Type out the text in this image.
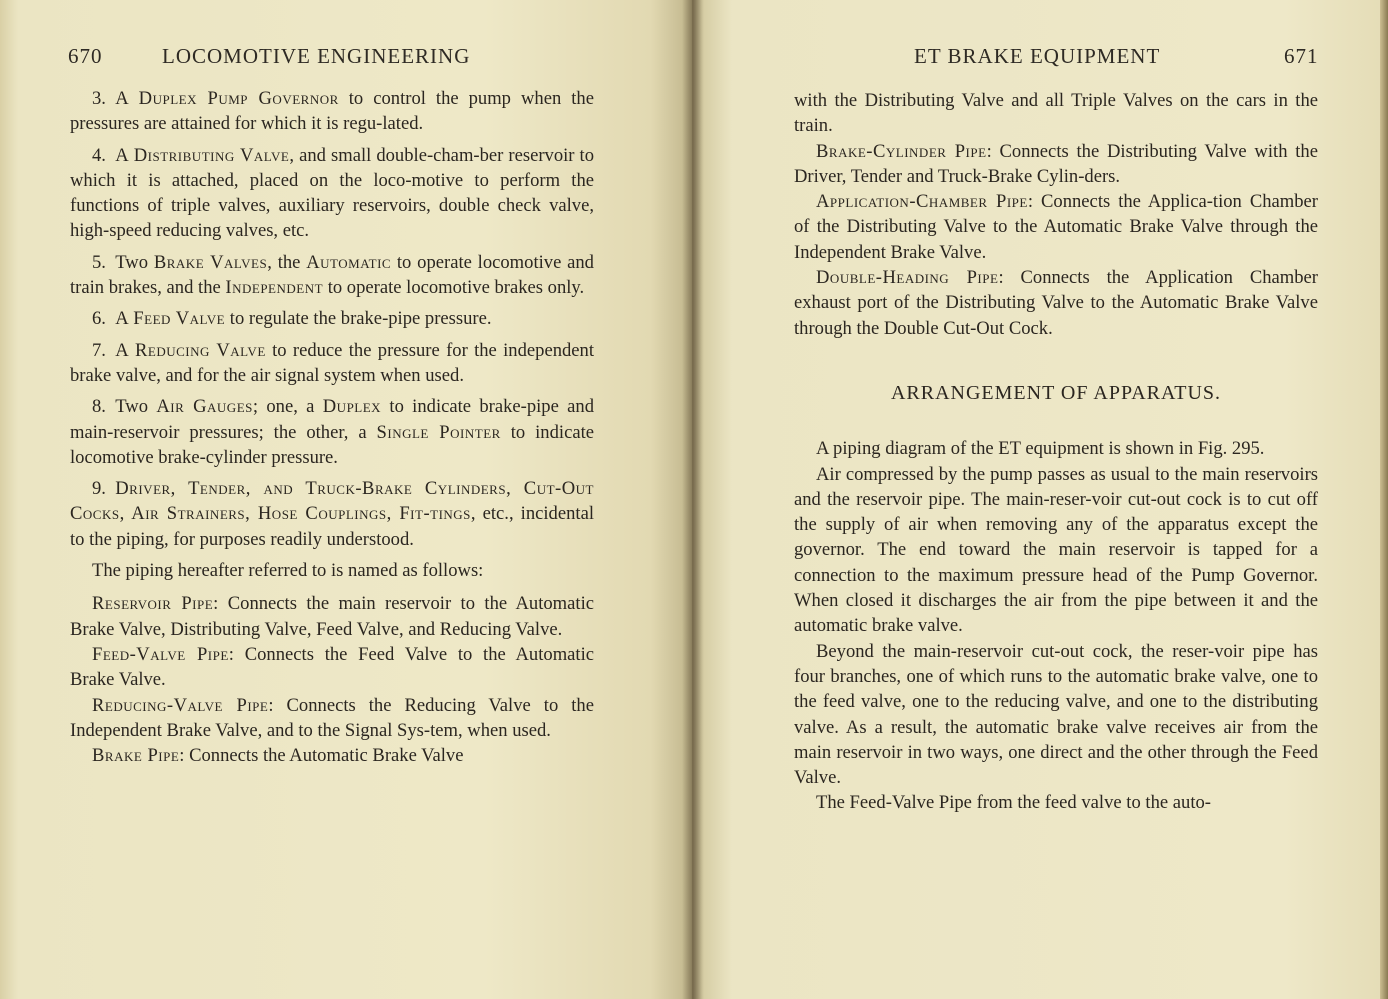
670	LOCOMOTIVE ENGINEERING

3. A Duplex Pump Governor to control the pump when the pressures are attained for which it is regu-lated.

4. A Distributing Valve, and small double-cham-ber reservoir to which it is attached, placed on the loco-motive to perform the functions of triple valves, auxiliary reservoirs, double check valve, high-speed reducing valves, etc.

5. Two Brake Valves, the Automatic to operate locomotive and train brakes, and the Independent to operate locomotive brakes only.

6. A Feed Valve to regulate the brake-pipe pressure.

7. A Reducing Valve to reduce the pressure for the independent brake valve, and for the air signal system when used.

8. Two Air Gauges; one, a Duplex to indicate brake-pipe and main-reservoir pressures; the other, a Single Pointer to indicate locomotive brake-cylinder pressure.

9. Driver, Tender, and Truck-Brake Cylinders, Cut-Out Cocks, Air Strainers, Hose Couplings, Fit-tings, etc., incidental to the piping, for purposes readily understood.

The piping hereafter referred to is named as follows:

Reservoir Pipe: Connects the main reservoir to the Automatic Brake Valve, Distributing Valve, Feed Valve, and Reducing Valve.

Feed-Valve Pipe: Connects the Feed Valve to the Automatic Brake Valve.

Reducing-Valve Pipe: Connects the Reducing Valve to the Independent Brake Valve, and to the Signal Sys-tem, when used.

Brake Pipe: Connects the Automatic Brake Valve

ET BRAKE EQUIPMENT	671

with the Distributing Valve and all Triple Valves on the cars in the train.

Brake-Cylinder Pipe: Connects the Distributing Valve with the Driver, Tender and Truck-Brake Cylin-ders.

Application-Chamber Pipe: Connects the Applica-tion Chamber of the Distributing Valve to the Automatic Brake Valve through the Independent Brake Valve.

Double-Heading Pipe: Connects the Application Chamber exhaust port of the Distributing Valve to the Automatic Brake Valve through the Double Cut-Out Cock.

ARRANGEMENT OF APPARATUS.

A piping diagram of the ET equipment is shown in Fig. 295.

Air compressed by the pump passes as usual to the main reservoirs and the reservoir pipe. The main-reser-voir cut-out cock is to cut off the supply of air when removing any of the apparatus except the governor. The end toward the main reservoir is tapped for a connection to the maximum pressure head of the Pump Governor. When closed it discharges the air from the pipe between it and the automatic brake valve.

Beyond the main-reservoir cut-out cock, the reser-voir pipe has four branches, one of which runs to the automatic brake valve, one to the feed valve, one to the reducing valve, and one to the distributing valve. As a result, the automatic brake valve receives air from the main reservoir in two ways, one direct and the other through the Feed Valve.

The Feed-Valve Pipe from the feed valve to the auto-
